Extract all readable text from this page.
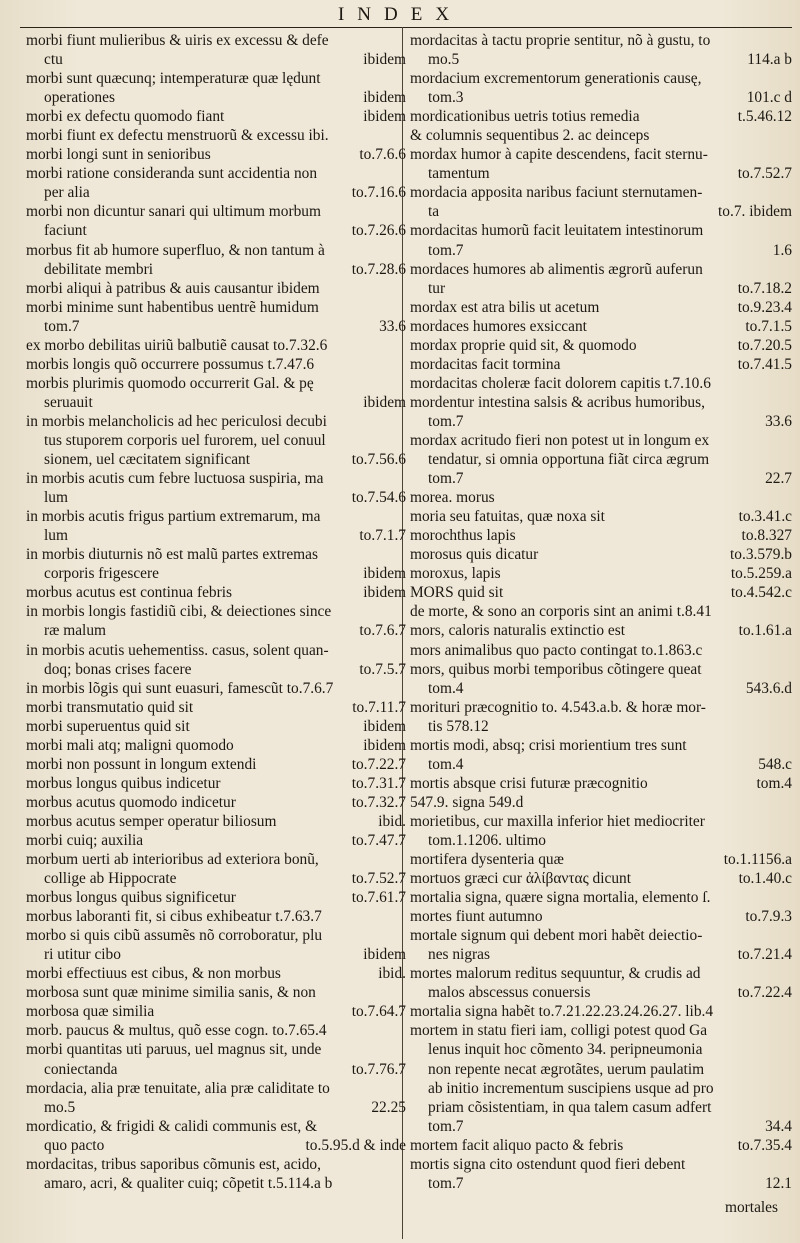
INDEX
morbi fiunt mulieribus & uiris ex excessu & defe
ctu	ibidem
morbi sunt quæcunq; intemperaturæ quæ lędunt
operationes	ibidem
morbi ex defectu quomodo fiant	ibidem
morbi fiunt ex defectu menstruorũ & excessu ibi.
morbi longi sunt in senioribus	to.7.6.6
morbi ratione consideranda sunt accidentia non
per alia	to.7.16.6
morbi non dicuntur sanari qui ultimum morbum
faciunt	to.7.26.6
morbus fit ab humore superfluo, & non tantum à
debilitate membri	to.7.28.6
morbi aliqui à patribus & auis causantur ibidem
morbi minime sunt habentibus uentrẽ humidum
tom.7	33.6
ex morbo debilitas uiriũ balbutiẽ causat to.7.32.6
morbis longis quõ occurrere possumus t.7.47.6
morbis plurimis quomodo occurrerit Gal. & pę
seruauit	ibidem
in morbis melancholicis ad hec periculosi decubi
tus stuporem corporis uel furorem, uel conuul
sionem, uel cæcitatem significant	to.7.56.6
in morbis acutis cum febre luctuosa suspiria, ma
lum	to.7.54.6
in morbis acutis frigus partium extremarum, ma
lum	to.7.1.7
in morbis diuturnis nõ est malũ partes extremas
corporis frigescere	ibidem
morbus acutus est continua febris	ibidem
in morbis longis fastidiũ cibi, & deiectiones since
ræ malum	to.7.6.7
in morbis acutis uehementiss. casus, solent quan-
doq; bonas crises facere	to.7.5.7
in morbis lõgis qui sunt euasuri, famescũt to.7.6.7
morbi transmutatio quid sit	to.7.11.7
morbi superuentus quid sit	ibidem
morbi mali atq; maligni quomodo	ibidem
morbi non possunt in longum extendi	to.7.22.7
morbus longus quibus indicetur	to.7.31.7
morbus acutus quomodo indicetur	to.7.32.7
morbus acutus semper operatur biliosum	ibid.
morbi cuiq; auxilia	to.7.47.7
morbum uerti ab interioribus ad exteriora bonũ,
collige ab Hippocrate	to.7.52.7
morbus longus quibus significetur	to.7.61.7
morbus laboranti fit, si cibus exhibeatur t.7.63.7
morbo si quis cibũ assumẽs nõ corroboratur, plu
ri utitur cibo	ibidem
morbi effectiuus est cibus, & non morbus	ibid.
morbosa sunt quæ minime similia sanis, & non
morbosa quæ similia	to.7.64.7
morb. paucus & multus, quõ esse cogn. to.7.65.4
morbi quantitas uti paruus, uel magnus sit, unde
coniectanda	to.7.76.7
mordacia, alia præ tenuitate, alia præ caliditate to
mo.5	22.25
mordicatio, & frigidi & calidi communis est, &
quo pacto	to.5.95.d & inde
mordacitas, tribus saporibus cõmunis est, acido,
amaro, acri, & qualiter cuiq; cõpetit t.5.114.a b
mordacitas à tactu proprie sentitur, nõ à gustu, to
mo.5	114.a b
mordacium excrementorum generationis causę,
tom.3	101.c d
mordicationibus uetris totius remedia	t.5.46.12
& columnis sequentibus 2. ac deinceps
mordax humor à capite descendens, facit sternu-
tamentum	to.7.52.7
mordacia apposita naribus faciunt sternutamen-
ta	to.7. ibidem
mordacitas humorũ facit leuitatem intestinorum
tom.7	1.6
mordaces humores ab alimentis ægrorũ auferun
tur	to.7.18.2
mordax est atra bilis ut acetum	to.9.23.4
mordaces humores exsiccant	to.7.1.5
mordax proprie quid sit, & quomodo	to.7.20.5
mordacitas facit tormina	to.7.41.5
mordacitas choleræ facit dolorem capitis t.7.10.6
mordentur intestina salsis & acribus humoribus,
tom.7	33.6
mordax acritudo fieri non potest ut in longum ex
tendatur, si omnia opportuna fiãt circa ægrum
tom.7	22.7
morea. morus
moria seu fatuitas, quæ noxa sit	to.3.41.c
morochthus lapis	to.8.327
morosus quis dicatur	to.3.579.b
moroxus, lapis	to.5.259.a
MORS quid sit	to.4.542.c
de morte, & sono an corporis sint an animi t.8.41
mors, caloris naturalis extinctio est	to.1.61.a
mors animalibus quo pacto contingat to.1.863.c
mors, quibus morbi temporibus cõtingere queat
tom.4	543.6.d
morituri præcognitio to. 4.543.a.b. & horæ mor-
tis 578.12
mortis modi, absq; crisi morientium tres sunt
tom.4	548.c
mortis absque crisi futuræ præcognitio	tom.4
547.9. signa 549.d
morietibus, cur maxilla inferior hiet mediocriter
tom.1.1206. ultimo
mortifera dysenteria quæ	to.1.1156.a
mortuos græci cur ἀλίβαντας dicunt	to.1.40.c
mortalia signa, quære signa mortalia, elemento ſ.
mortes fiunt autumno	to.7.9.3
mortale signum qui debent mori habẽt deiectio-
nes nigras	to.7.21.4
mortes malorum reditus sequuntur, & crudis ad
malos abscessus conuersis	to.7.22.4
mortalia signa habẽt to.7.21.22.23.24.26.27. lib.4
mortem in statu fieri iam, colligi potest quod Ga
lenus inquit hoc cõmento 34. peripneumonia
non repente necat ægrotãtes, uerum paulatim
ab initio incrementum suscipiens usque ad pro
priam cõsistentiam, in qua talem casum adfert
tom.7	34.4
mortem facit aliquo pacto & febris	to.7.35.4
mortis signa cito ostendunt quod fieri debent
tom.7	12.1
mortales
